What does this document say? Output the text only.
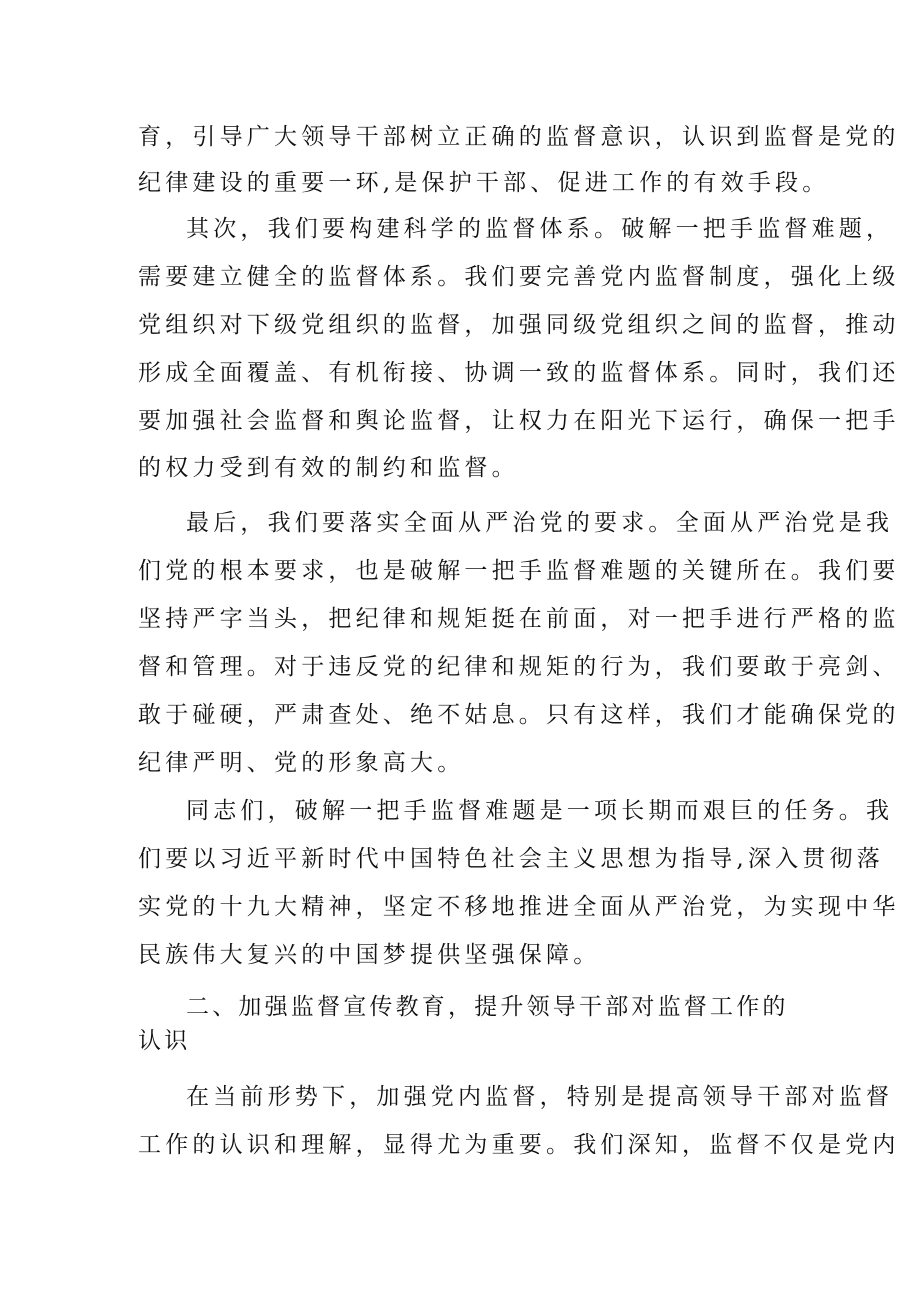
育，引导广大领导干部树立正确的监督意识，认识到监督是党的
纪律建设的重要一环,是保护干部、促进工作的有效手段。
其次，我们要构建科学的监督体系。破解一把手监督难题，
需要建立健全的监督体系。我们要完善党内监督制度，强化上级
党组织对下级党组织的监督，加强同级党组织之间的监督，推动
形成全面覆盖、有机衔接、协调一致的监督体系。同时，我们还
要加强社会监督和舆论监督，让权力在阳光下运行，确保一把手
的权力受到有效的制约和监督。
最后，我们要落实全面从严治党的要求。全面从严治党是我
们党的根本要求，也是破解一把手监督难题的关键所在。我们要
坚持严字当头，把纪律和规矩挺在前面，对一把手进行严格的监
督和管理。对于违反党的纪律和规矩的行为，我们要敢于亮剑、
敢于碰硬，严肃查处、绝不姑息。只有这样，我们才能确保党的
纪律严明、党的形象高大。
同志们，破解一把手监督难题是一项长期而艰巨的任务。我
们要以习近平新时代中国特色社会主义思想为指导,深入贯彻落
实党的十九大精神，坚定不移地推进全面从严治党，为实现中华
民族伟大复兴的中国梦提供坚强保障。
二、加强监督宣传教育，提升领导干部对监督工作的
认识
在当前形势下，加强党内监督，特别是提高领导干部对监督
工作的认识和理解，显得尤为重要。我们深知，监督不仅是党内
